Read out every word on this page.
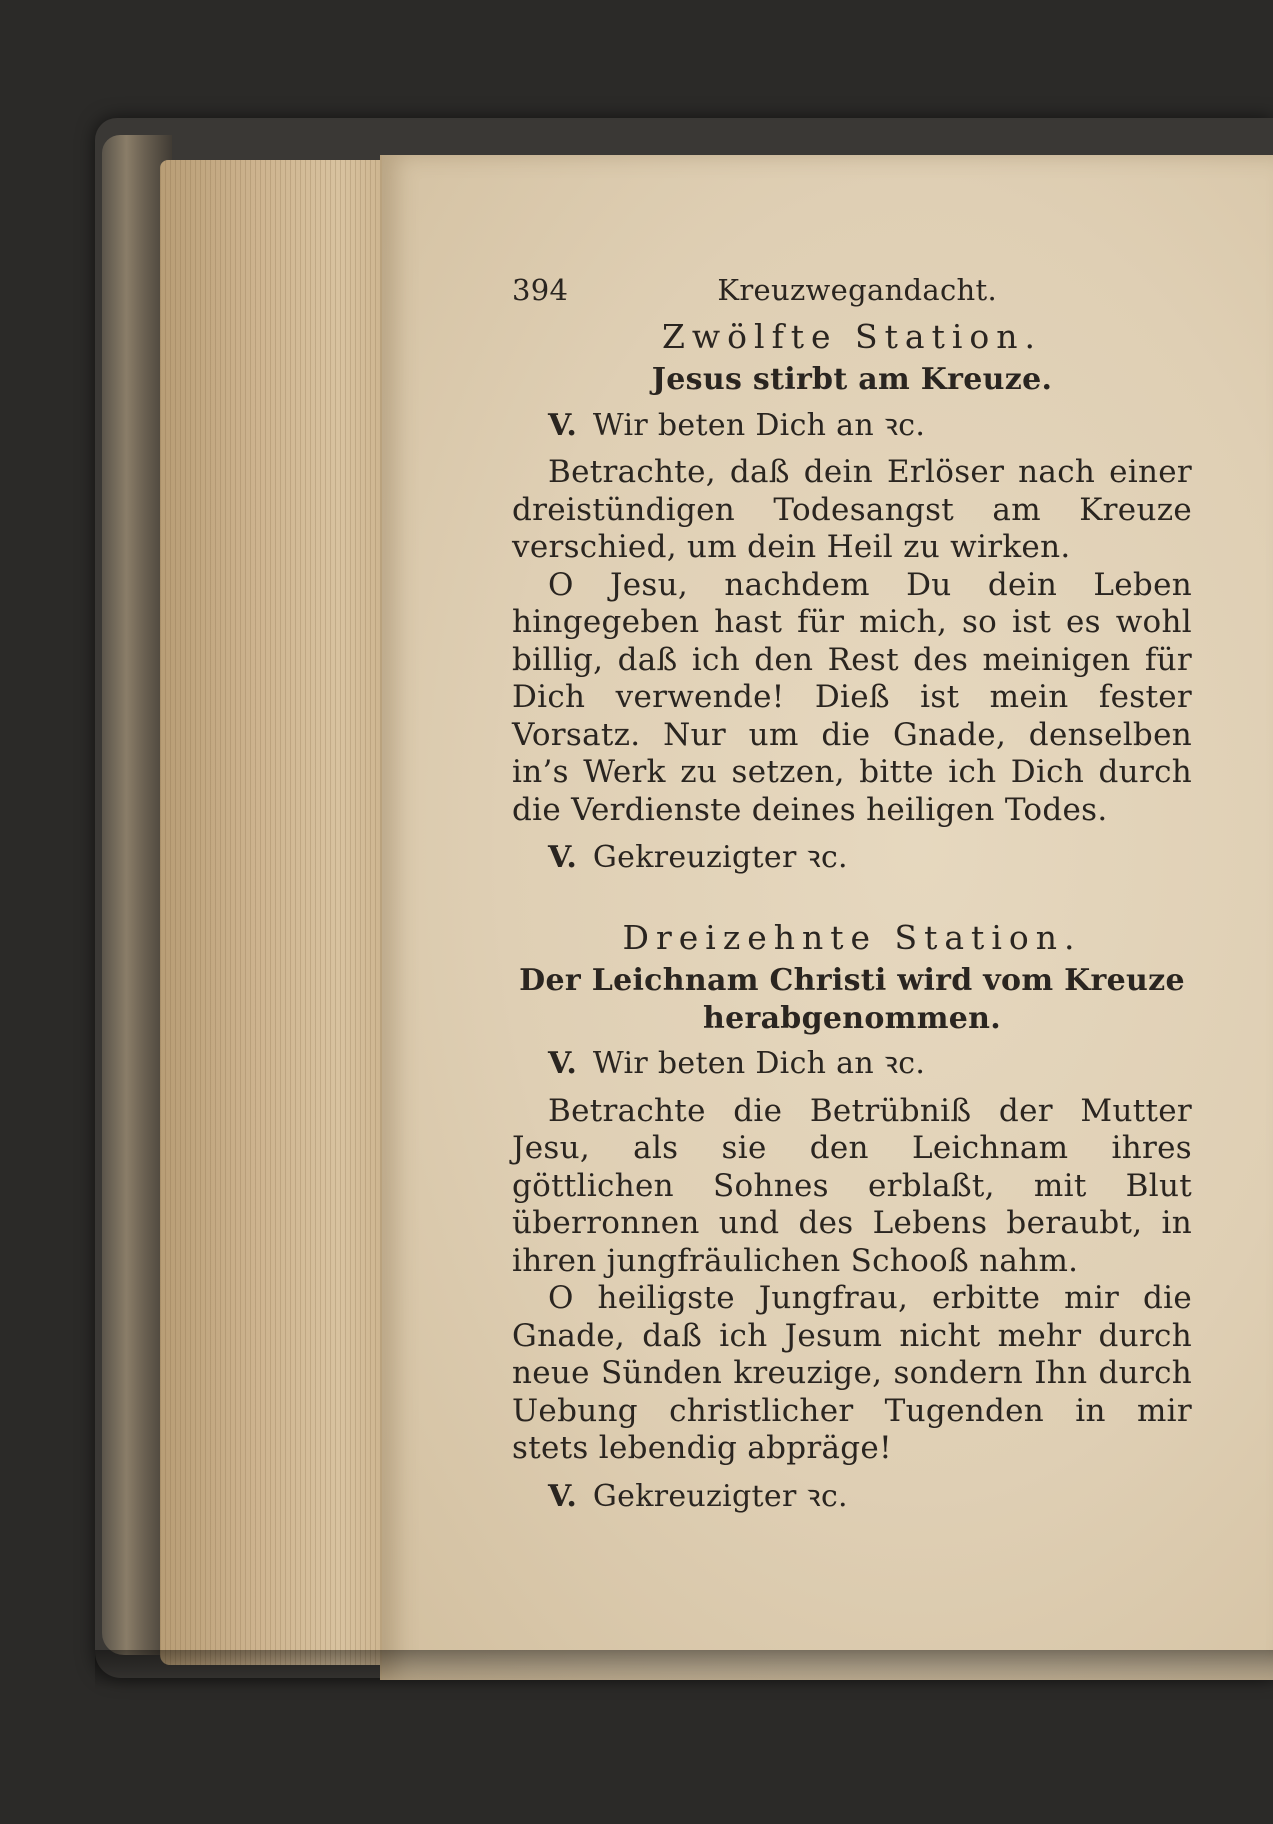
394	Kreuzwegandacht.
Zwölfte Station.
Jesus stirbt am Kreuze.
V. Wir beten Dich an ꝛc.

Betrachte, daß dein Erlöser nach einer dreistündigen Todesangst am Kreuze verschied, um dein Heil zu wirken.

O Jesu, nachdem Du dein Leben hingegeben hast für mich, so ist es wohl billig, daß ich den Rest des meinigen für Dich verwende! Dieß ist mein fester Vorsatz. Nur um die Gnade, denselben in’s Werk zu setzen, bitte ich Dich durch die Verdienste deines heiligen Todes.

V. Gekreuzigter ꝛc.
Dreizehnte Station.
Der Leichnam Christi wird vom Kreuze herabgenommen.
V. Wir beten Dich an ꝛc.

Betrachte die Betrübniß der Mutter Jesu, als sie den Leichnam ihres göttlichen Sohnes erblaßt, mit Blut überronnen und des Lebens beraubt, in ihren jungfräulichen Schooß nahm.

O heiligste Jungfrau, erbitte mir die Gnade, daß ich Jesum nicht mehr durch neue Sünden kreuzige, sondern Ihn durch Uebung christlicher Tugenden in mir stets lebendig abpräge!

V. Gekreuzigter ꝛc.
